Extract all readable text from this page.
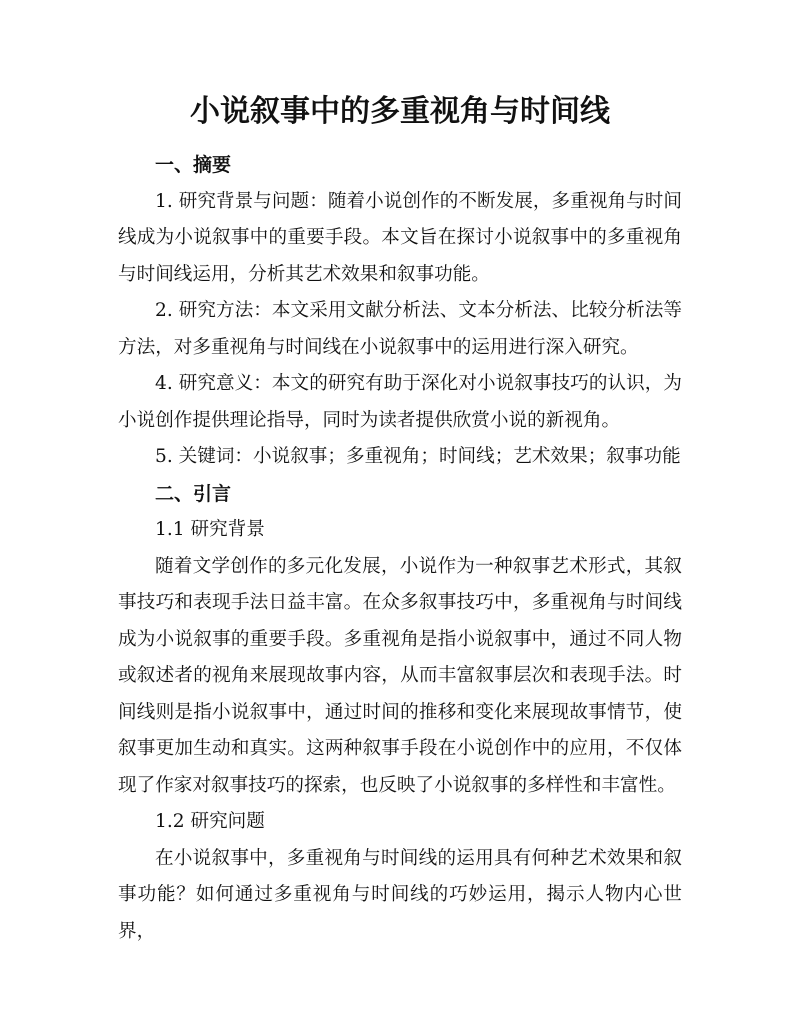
小说叙事中的多重视角与时间线

一、摘要

1. 研究背景与问题：随着小说创作的不断发展，多重视角与时间线成为小说叙事中的重要手段。本文旨在探讨小说叙事中的多重视角与时间线运用，分析其艺术效果和叙事功能。

2. 研究方法：本文采用文献分析法、文本分析法、比较分析法等方法，对多重视角与时间线在小说叙事中的运用进行深入研究。

4. 研究意义：本文的研究有助于深化对小说叙事技巧的认识，为小说创作提供理论指导，同时为读者提供欣赏小说的新视角。

5. 关键词：小说叙事；多重视角；时间线；艺术效果；叙事功能

二、引言

1.1 研究背景

随着文学创作的多元化发展，小说作为一种叙事艺术形式，其叙事技巧和表现手法日益丰富。在众多叙事技巧中，多重视角与时间线成为小说叙事的重要手段。多重视角是指小说叙事中，通过不同人物或叙述者的视角来展现故事内容，从而丰富叙事层次和表现手法。时间线则是指小说叙事中，通过时间的推移和变化来展现故事情节，使叙事更加生动和真实。这两种叙事手段在小说创作中的应用，不仅体现了作家对叙事技巧的探索，也反映了小说叙事的多样性和丰富性。

1.2 研究问题

在小说叙事中，多重视角与时间线的运用具有何种艺术效果和叙事功能？如何通过多重视角与时间线的巧妙运用，揭示人物内心世界，
